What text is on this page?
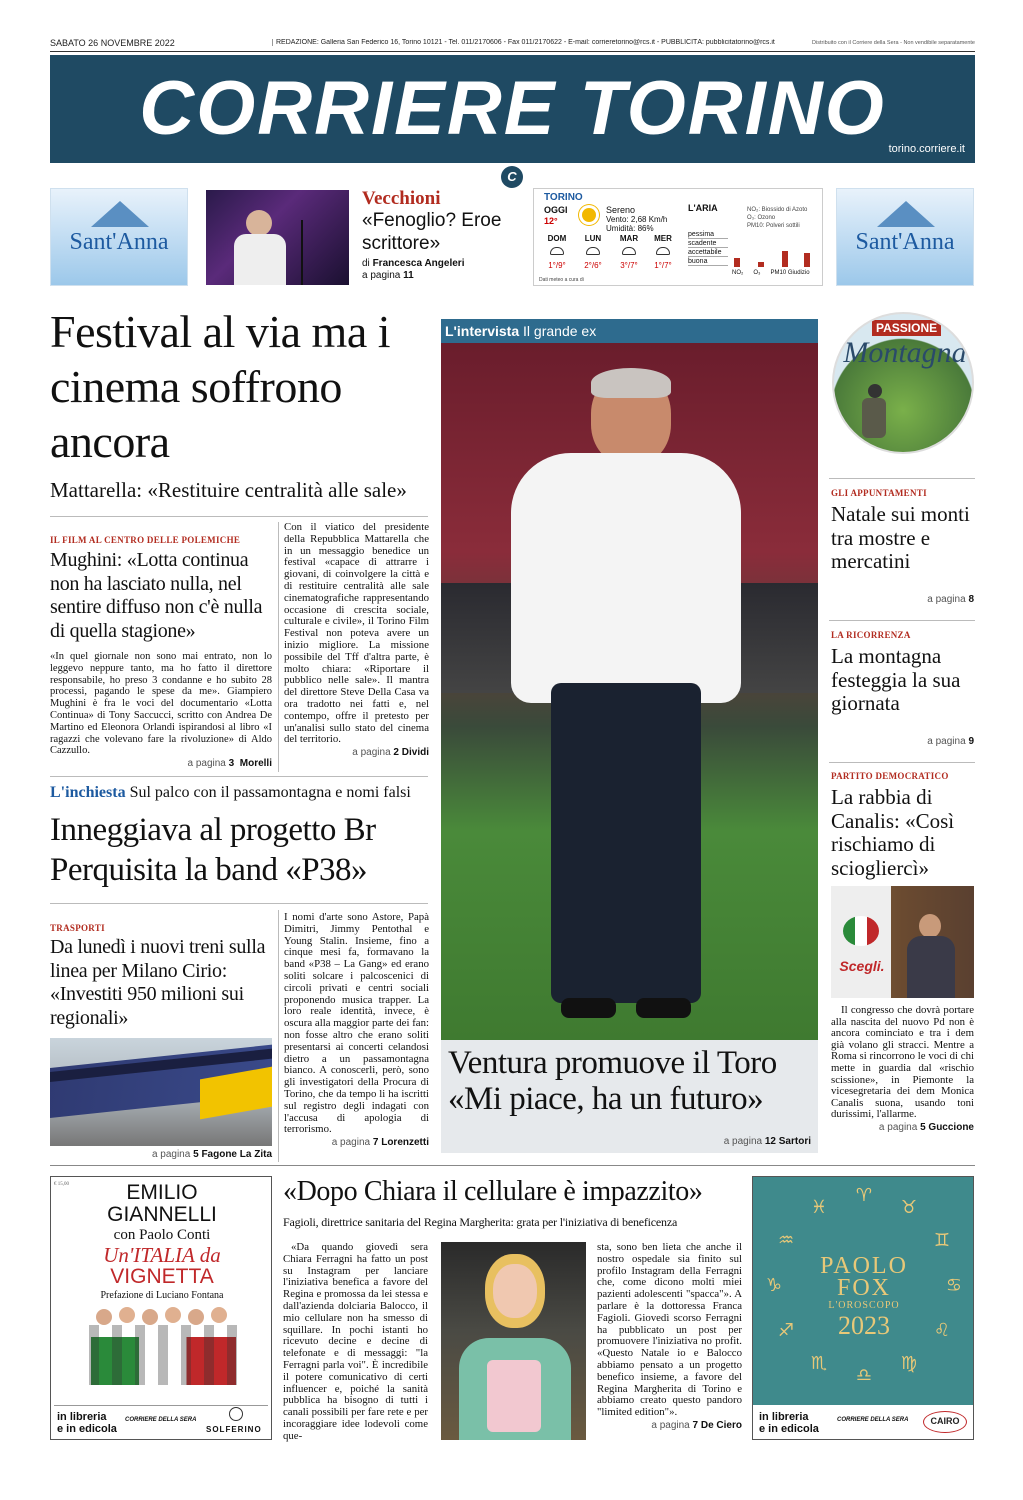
SABATO 26 NOVEMBRE 2022	REDAZIONE: Galleria San Federico 16, Torino 10121 - Tel. 011/2170606 - Fax 011/2170622 - E-mail: corrieretorino@rcs.it - PUBBLICITÀ: pubblicitatorino@rcs.it	Distribuito con il Corriere della Sera - Non vendibile separatamente
CORRIERE TORINO torino.corriere.it
C
Sant'Anna	Sant'Anna
Vecchioni
«Fenoglio? Eroe scrittore»
di Francesca Angeleri
a pagina 11
TORINO
OGGI
12°
Sereno
Vento: 2,68 Km/h
Umidità: 86%
DOM
1°/9°
LUN
2°/6°
MAR
3°/7°
MER
1°/7°
L'ARIA	NO₂: Biossido di Azoto
O₃: Ozono
PM10: Polveri sottili
pessima
scadente
accettabile
buona
NO₂ O₃ PM10 Giudizio
Dati meteo a cura di
Festival al via ma i cinema soffrono ancora
Mattarella: «Restituire centralità alle sale»
IL FILM AL CENTRO DELLE POLEMICHE
Mughini: «Lotta continua non ha lasciato nulla, nel sentire diffuso non c'è nulla di quella stagione»
«In quel giornale non sono mai entrato, non lo leggevo neppure tanto, ma ho fatto il direttore responsabile, ho preso 3 condanne e ho subito 28 processi, pagando le spese da me». Giampiero Mughini è fra le voci del documentario «Lotta Continua» di Tony Saccucci, scritto con Andrea De Martino ed Eleonora Orlandi ispirandosi al libro «I ragazzi che volevano fare la rivoluzione» di Aldo Cazzullo.
a pagina 3 Morelli
Con il viatico del presidente della Repubblica Mattarella che in un messaggio benedice un festival «capace di attrarre i giovani, di coinvolgere la città e di restituire centralità alle sale cinematografiche rappresentando occasione di crescita sociale, culturale e civile», il Torino Film Festival non poteva avere un inizio migliore. La missione possibile del Tff d'altra parte, è molto chiara: «Riportare il pubblico nelle sale». Il mantra del direttore Steve Della Casa va ora tradotto nei fatti e, nel contempo, offre il pretesto per un'analisi sullo stato del cinema del territorio.
a pagina 2 Dividi
L'inchiesta Sul palco con il passamontagna e nomi falsi
Inneggiava al progetto Br Perquisita la band «P38»
TRASPORTI
Da lunedì i nuovi treni sulla linea per Milano Cirio: «Investiti 950 milioni sui regionali»
a pagina 5 Fagone La Zita
I nomi d'arte sono Astore, Papà Dimitri, Jimmy Pentothal e Young Stalin. Insieme, fino a cinque mesi fa, formavano la band «P38 – La Gang» ed erano soliti solcare i palcoscenici di circoli privati e centri sociali proponendo musica trapper. La loro reale identità, invece, è oscura alla maggior parte dei fan: non fosse altro che erano soliti presentarsi ai concerti celandosi dietro a un passamontagna bianco. A conoscerli, però, sono gli investigatori della Procura di Torino, che da tempo li ha iscritti sul registro degli indagati con l'accusa di apologia di terrorismo.
a pagina 7 Lorenzetti
L'intervista Il grande ex
Ventura promuove il Toro «Mi piace, ha un futuro»
a pagina 12 Sartori
PASSIONE
Montagna
GLI APPUNTAMENTI
Natale sui monti tra mostre e mercatini
a pagina 8
LA RICORRENZA
La montagna festeggia la sua giornata
a pagina 9
PARTITO DEMOCRATICO
La rabbia di Canalis: «Così rischiamo di sciogliercì»
Scegli.
Il congresso che dovrà portare alla nascita del nuovo Pd non è ancora cominciato e tra i dem già volano gli stracci. Mentre a Roma si rincorrono le voci di chi mette in guardia dal «rischio scissione», in Piemonte la vicesegretaria dei dem Monica Canalis suona, usando toni durissimi, l'allarme.
a pagina 5 Guccione
€ 15,00	EMILIO
GIANNELLI
con Paolo Conti
Un'ITALIA da
VIGNETTA
Prefazione di Luciano Fontana
in libreria
e in edicola
CORRIERE DELLA SERA
SOLFERINO
«Dopo Chiara il cellulare è impazzito»
Fagioli, direttrice sanitaria del Regina Margherita: grata per l'iniziativa di beneficenza
«Da quando giovedì sera Chiara Ferragni ha fatto un post su Instagram per lanciare l'iniziativa benefica a favore del Regina e promossa da lei stessa e dall'azienda dolciaria Balocco, il mio cellulare non ha smesso di squillare. In pochi istanti ho ricevuto decine e decine di telefonate e di messaggi: "la Ferragni parla voi". È incredibile il potere comunicativo di certi influencer e, poiché la sanità pubblica ha bisogno di tutti i canali possibili per fare rete e per incoraggiare idee lodevoli come que-
sta, sono ben lieta che anche il nostro ospedale sia finito sul profilo Instagram della Ferragni che, come dicono molti miei pazienti adolescenti "spacca"». A parlare è la dottoressa Franca Fagioli. Giovedì scorso Ferragni ha pubblicato un post per promuovere l'iniziativa no profit. «Questo Natale io e Balocco abbiamo pensato a un progetto benefico insieme, a favore del Regina Margherita di Torino e abbiamo creato questo pandoro "limited edition"».
a pagina 7 De Ciero
♈
♉
♊
♋
♌
♍
♎
♏
♐
♑
♒
♓
PAOLO
FOX
L'OROSCOPO
2023
in libreria
e in edicola
CORRIERE DELLA SERA	CAIRO
